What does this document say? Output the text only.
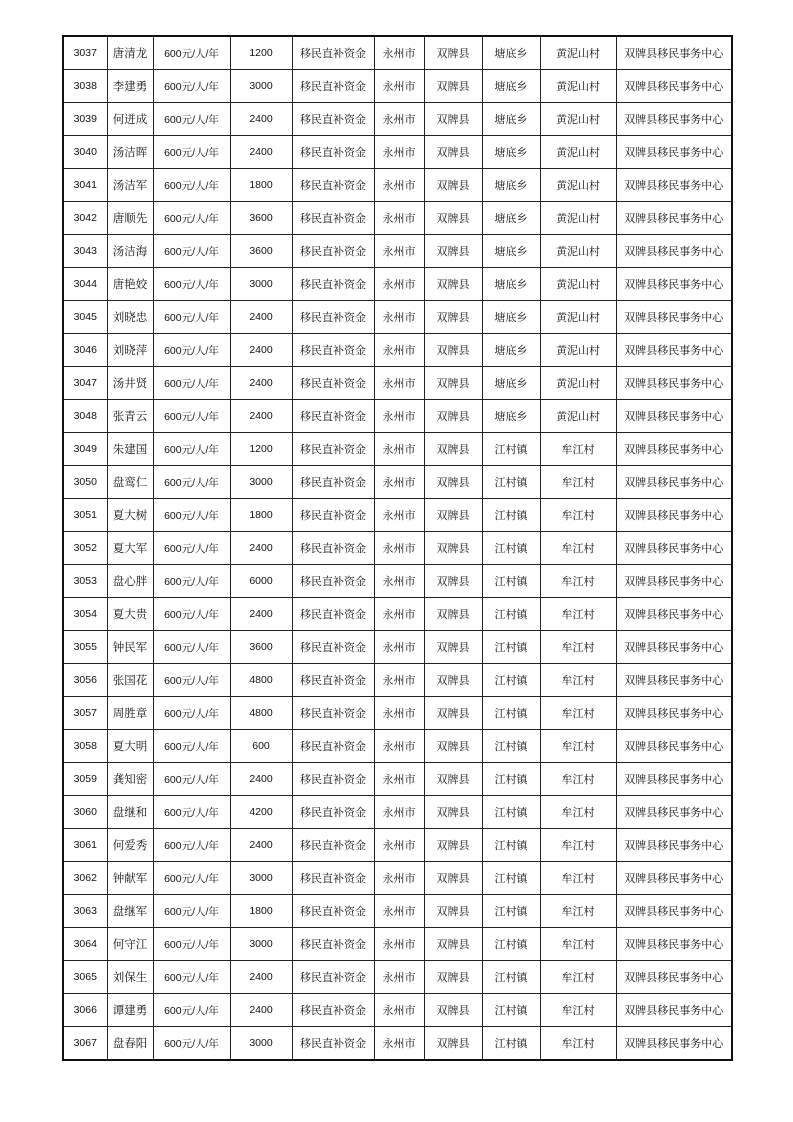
3037	唐清龙	600元/人/年	1200	移民直补资金	永州市	双牌县	塘底乡	黄泥山村	双牌县移民事务中心
3038	李建勇	600元/人/年	3000	移民直补资金	永州市	双牌县	塘底乡	黄泥山村	双牌县移民事务中心
3039	何迸成	600元/人/年	2400	移民直补资金	永州市	双牌县	塘底乡	黄泥山村	双牌县移民事务中心
3040	汤洁晖	600元/人/年	2400	移民直补资金	永州市	双牌县	塘底乡	黄泥山村	双牌县移民事务中心
3041	汤洁军	600元/人/年	1800	移民直补资金	永州市	双牌县	塘底乡	黄泥山村	双牌县移民事务中心
3042	唐顺先	600元/人/年	3600	移民直补资金	永州市	双牌县	塘底乡	黄泥山村	双牌县移民事务中心
3043	汤洁海	600元/人/年	3600	移民直补资金	永州市	双牌县	塘底乡	黄泥山村	双牌县移民事务中心
3044	唐艳姣	600元/人/年	3000	移民直补资金	永州市	双牌县	塘底乡	黄泥山村	双牌县移民事务中心
3045	刘晓忠	600元/人/年	2400	移民直补资金	永州市	双牌县	塘底乡	黄泥山村	双牌县移民事务中心
3046	刘晓萍	600元/人/年	2400	移民直补资金	永州市	双牌县	塘底乡	黄泥山村	双牌县移民事务中心
3047	汤井贤	600元/人/年	2400	移民直补资金	永州市	双牌县	塘底乡	黄泥山村	双牌县移民事务中心
3048	张青云	600元/人/年	2400	移民直补资金	永州市	双牌县	塘底乡	黄泥山村	双牌县移民事务中心
3049	朱建国	600元/人/年	1200	移民直补资金	永州市	双牌县	江村镇	牟江村	双牌县移民事务中心
3050	盘鸾仁	600元/人/年	3000	移民直补资金	永州市	双牌县	江村镇	牟江村	双牌县移民事务中心
3051	夏大树	600元/人/年	1800	移民直补资金	永州市	双牌县	江村镇	牟江村	双牌县移民事务中心
3052	夏大军	600元/人/年	2400	移民直补资金	永州市	双牌县	江村镇	牟江村	双牌县移民事务中心
3053	盘心胖	600元/人/年	6000	移民直补资金	永州市	双牌县	江村镇	牟江村	双牌县移民事务中心
3054	夏大贵	600元/人/年	2400	移民直补资金	永州市	双牌县	江村镇	牟江村	双牌县移民事务中心
3055	钟民军	600元/人/年	3600	移民直补资金	永州市	双牌县	江村镇	牟江村	双牌县移民事务中心
3056	张国花	600元/人/年	4800	移民直补资金	永州市	双牌县	江村镇	牟江村	双牌县移民事务中心
3057	周胜章	600元/人/年	4800	移民直补资金	永州市	双牌县	江村镇	牟江村	双牌县移民事务中心
3058	夏大明	600元/人/年	600	移民直补资金	永州市	双牌县	江村镇	牟江村	双牌县移民事务中心
3059	龚知密	600元/人/年	2400	移民直补资金	永州市	双牌县	江村镇	牟江村	双牌县移民事务中心
3060	盘继和	600元/人/年	4200	移民直补资金	永州市	双牌县	江村镇	牟江村	双牌县移民事务中心
3061	何爱秀	600元/人/年	2400	移民直补资金	永州市	双牌县	江村镇	牟江村	双牌县移民事务中心
3062	钟献军	600元/人/年	3000	移民直补资金	永州市	双牌县	江村镇	牟江村	双牌县移民事务中心
3063	盘继军	600元/人/年	1800	移民直补资金	永州市	双牌县	江村镇	牟江村	双牌县移民事务中心
3064	何守江	600元/人/年	3000	移民直补资金	永州市	双牌县	江村镇	牟江村	双牌县移民事务中心
3065	刘保生	600元/人/年	2400	移民直补资金	永州市	双牌县	江村镇	牟江村	双牌县移民事务中心
3066	谭建勇	600元/人/年	2400	移民直补资金	永州市	双牌县	江村镇	牟江村	双牌县移民事务中心
3067	盘春阳	600元/人/年	3000	移民直补资金	永州市	双牌县	江村镇	牟江村	双牌县移民事务中心
